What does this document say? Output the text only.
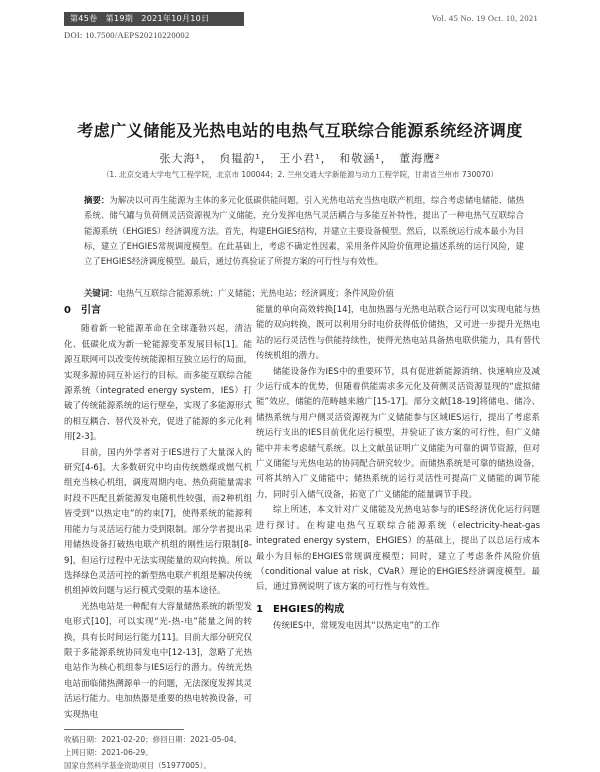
第45卷　第19期　2021年10月10日	Vol. 45 No. 19 Oct. 10, 2021
DOI: 10.7500/AEPS20210220002
考虑广义储能及光热电站的电热气互联综合能源系统经济调度
张大海¹，　贠韫韵¹，　王小君¹，　和敬涵¹，　董海鹰²
（1. 北京交通大学电气工程学院，北京市 100044；2. 兰州交通大学新能源与动力工程学院，甘肃省兰州市 730070）
摘要：为解决以可再生能源为主体的多元化低碳供能问题，引入光热电站充当热电联产机组，综合考虑储电储能、储热系统、储气罐与负荷侧灵活资源视为广义储能，充分发挥电热气灵活耦合与多能互补特性，提出了一种电热气互联综合能源系统（EHGIES）经济调度方法。首先，构建EHGIES结构，并建立主要设备模型。然后，以系统运行成本最小为目标，建立了EHGIES常规调度模型。在此基础上，考虑不确定性因素，采用条件风险价值理论描述系统的运行风险，建立了EHGIES经济调度模型。最后，通过仿真验证了所提方案的可行性与有效性。
关键词：电热气互联综合能源系统；广义储能；光热电站；经济调度；条件风险价值

0　引言

随着新一轮能源革命在全球蓬勃兴起，清洁化、低碳化成为新一轮能源变革发展目标[1]。能源互联网可以改变传统能源相互独立运行的局面，实现多源协同互补运行的目标。而多能互联综合能源系统（integrated energy system，IES）打破了传统能源系统的运行壁垒，实现了多能源形式的相互耦合、替代及补充，促进了能源的多元化利用[2-3]。

目前，国内外学者对于IES进行了大量深入的研究[4-6]。大多数研究中均由传统燃煤或燃气机组充当核心机组，调度周期内电、热负荷能量需求时段不匹配且新能源发电随机性较强，而2种机组皆受到“以热定电”的约束[7]，使得系统的能源利用能力与灵活运行能力受到限制。部分学者提出采用储热设备打破热电联产机组的刚性运行限制[8-9]，但运行过程中无法实现能量的双向转换。所以选择绿色灵活可控的新型热电联产机组是解决传统机组掉效问题与运行模式受限的基本途径。

光热电站是一种配有大容量储热系统的新型发电形式[10]，可以实现“光-热-电”能量之间的转换，具有长时间运行能力[11]。目前大部分研究仅限于多能源系统协同发电中[12-13]，忽略了光热电站作为核心机组参与IES运行的潜力。传统光热电站面临储热溯源单一的问题，无法深度发挥其灵活运行能力。电加热器是重要的热电转换设备，可实现热电

收稿日期：2021-02-20；修回日期：2021-05-04。

上网日期：2021-06-29。

国家自然科学基金资助项目（51977005）。

能量的单向高效转换[14]，电加热器与光热电站联合运行可以实现电能与热能的双向转换，既可以利用分时电价获得低价储热，又可进一步提升光热电站的运行灵活性与供能持续性，使得光热电站具备热电联供能力，具有替代传统机组的潜力。

储能设备作为IES中的重要环节，具有促进新能源消纳、快速响应及减少运行成本的优势，但随着供能需求多元化及荷侧灵活资源显现的“虚拟储能”效应，储能的范畴越来越广[15-17]。部分文献[18-19]将储电、储冷、储热系统与用户侧灵活资源视为广义储能参与区域IES运行，提出了考虑系统运行支出的IES目前优化运行模型，并验证了该方案的可行性，但广义储能中并未考虑储气系统。以上文献虽证明广义储能为可靠的调节资源，但对广义储能与光热电站的协同配合研究较少。而储热系统是可靠的储热设备，可将其纳入广义储能中；储热系统的运行灵活性可提高广义储能的调节能力，同时引入储气设备，拓宽了广义储能的能量调节手段。

综上所述，本文针对广义储能及光热电站参与的IES经济优化运行问题进行探讨。在构建电热气互联综合能源系统（electricity-heat-gas integrated energy system，EHGIES）的基础上，提出了以总运行成本最小为目标的EHGIES常规调度模型；同时，建立了考虑条件风险价值（conditional value at risk，CVaR）理论的EHGIES经济调度模型。最后，通过算例说明了该方案的可行性与有效性。

1　EHGIES的构成

传统IES中，常规发电因其“以热定电”的工作
